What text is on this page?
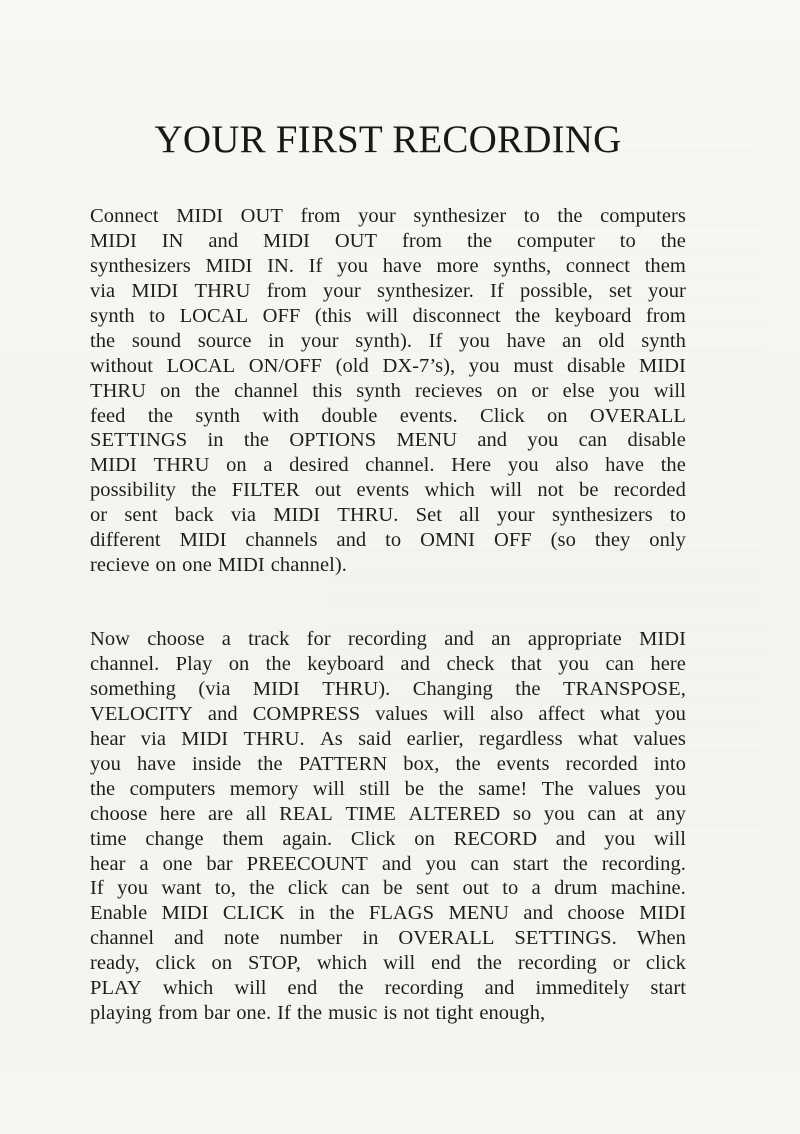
YOUR FIRST RECORDING
Connect MIDI OUT from your synthesizer to the computers
MIDI IN and MIDI OUT from the computer to the
synthesizers MIDI IN. If you have more synths, connect them
via MIDI THRU from your synthesizer. If possible, set your
synth to LOCAL OFF (this will disconnect the keyboard from
the sound source in your synth). If you have an old synth
without LOCAL ON/OFF (old DX-7’s), you must disable MIDI
THRU on the channel this synth recieves on or else you will
feed the synth with double events. Click on OVERALL
SETTINGS in the OPTIONS MENU and you can disable
MIDI THRU on a desired channel. Here you also have the
possibility the FILTER out events which will not be recorded
or sent back via MIDI THRU. Set all your synthesizers to
different MIDI channels and to OMNI OFF (so they only
recieve on one MIDI channel).
Now choose a track for recording and an appropriate MIDI
channel. Play on the keyboard and check that you can here
something (via MIDI THRU). Changing the TRANSPOSE,
VELOCITY and COMPRESS values will also affect what you
hear via MIDI THRU. As said earlier, regardless what values
you have inside the PATTERN box, the events recorded into
the computers memory will still be the same! The values you
choose here are all REAL TIME ALTERED so you can at any
time change them again. Click on RECORD and you will
hear a one bar PREECOUNT and you can start the recording.
If you want to, the click can be sent out to a drum machine.
Enable MIDI CLICK in the FLAGS MENU and choose MIDI
channel and note number in OVERALL SETTINGS. When
ready, click on STOP, which will end the recording or click
PLAY which will end the recording and immeditely start
playing from bar one. If the music is not tight enough,
